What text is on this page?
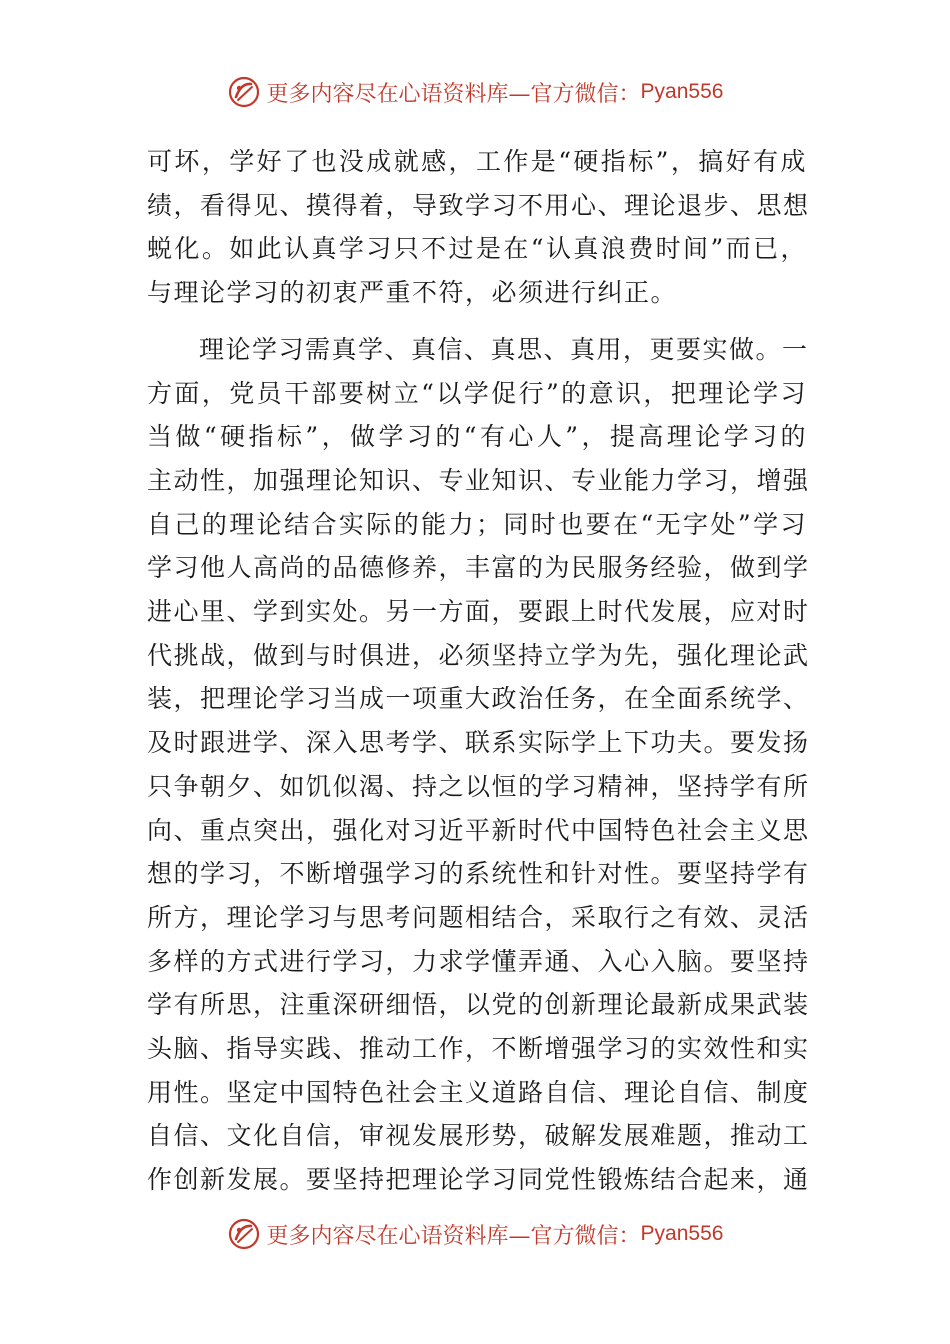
更多内容尽在心语资料库—官方微信： Pyan556

可坏，学好了也没成就感，工作是“硬指标”，搞好有成
绩，看得见、摸得着，导致学习不用心、理论退步、思想
蜕化。如此认真学习只不过是在“认真浪费时间”而已，
与理论学习的初衷严重不符，必须进行纠正。

理论学习需真学、真信、真思、真用，更要实做。一
方面，党员干部要树立“以学促行”的意识，把理论学习
当做“硬指标”，做学习的“有心人”，提高理论学习的
主动性，加强理论知识、专业知识、专业能力学习，增强
自己的理论结合实际的能力；同时也要在“无字处”学习
学习他人高尚的品德修养，丰富的为民服务经验，做到学
进心里、学到实处。另一方面，要跟上时代发展，应对时
代挑战，做到与时俱进，必须坚持立学为先，强化理论武
装，把理论学习当成一项重大政治任务，在全面系统学、
及时跟进学、深入思考学、联系实际学上下功夫。要发扬
只争朝夕、如饥似渴、持之以恒的学习精神，坚持学有所
向、重点突出，强化对习近平新时代中国特色社会主义思
想的学习，不断增强学习的系统性和针对性。要坚持学有
所方，理论学习与思考问题相结合，采取行之有效、灵活
多样的方式进行学习，力求学懂弄通、入心入脑。要坚持
学有所思，注重深研细悟，以党的创新理论最新成果武装
头脑、指导实践、推动工作，不断增强学习的实效性和实
用性。坚定中国特色社会主义道路自信、理论自信、制度
自信、文化自信，审视发展形势，破解发展难题，推动工
作创新发展。要坚持把理论学习同党性锻炼结合起来，通

更多内容尽在心语资料库—官方微信： Pyan556
